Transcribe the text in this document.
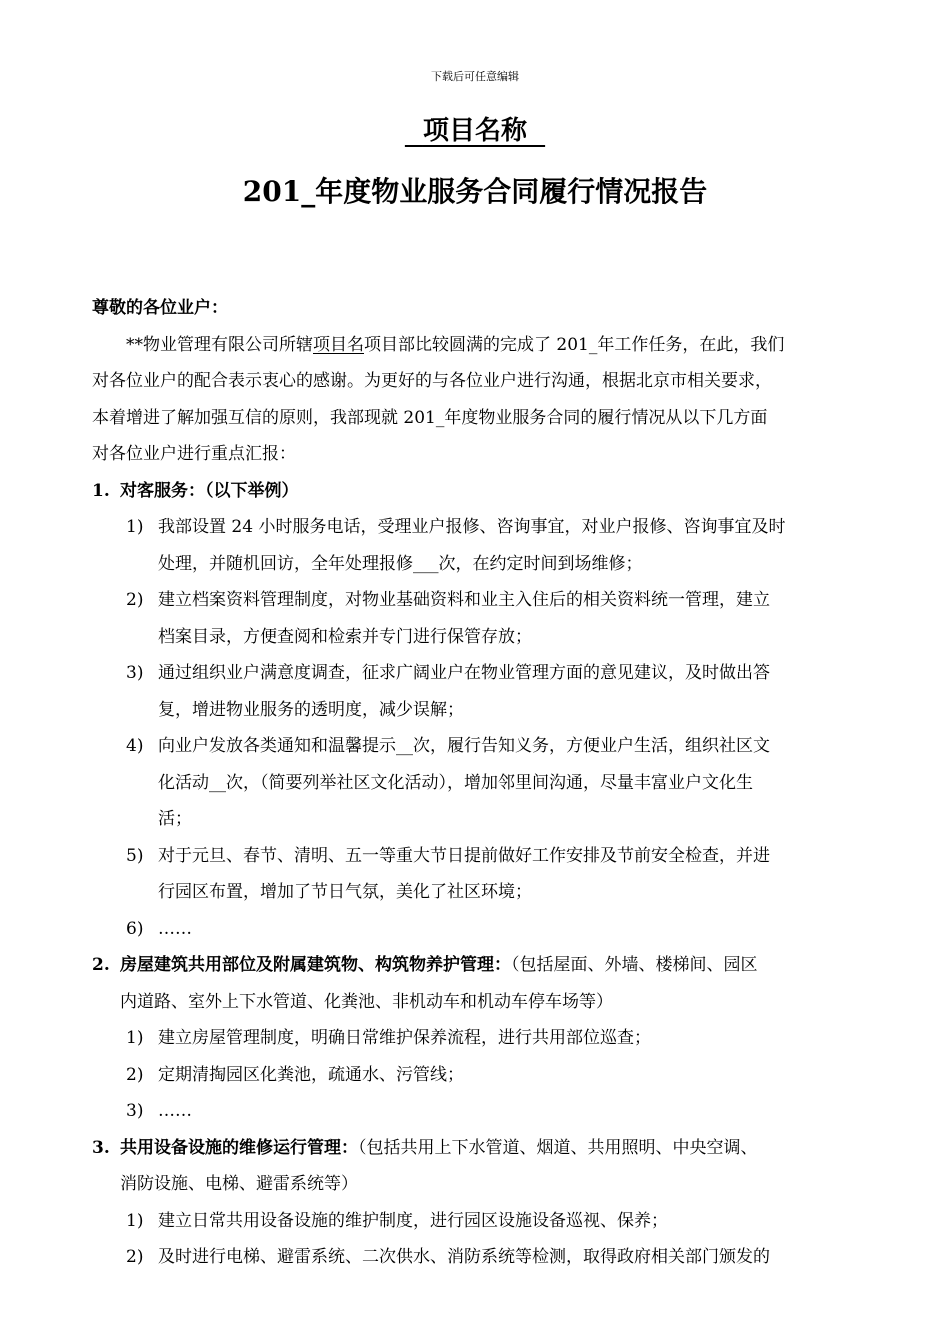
下载后可任意编辑
项目名称
201_年度物业服务合同履行情况报告
尊敬的各位业户：
**物业管理有限公司所辖项目名项目部比较圆满的完成了 201_年工作任务，在此，我们
对各位业户的配合表示衷心的感谢。为更好的与各位业户进行沟通，根据北京市相关要求，
本着增进了解加强互信的原则，我部现就 201_年度物业服务合同的履行情况从以下几方面
对各位业户进行重点汇报：
1. 对客服务：（以下举例）
1) 我部设置 24 小时服务电话，受理业户报修、咨询事宜，对业户报修、咨询事宜及时
处理，并随机回访，全年处理报修___次，在约定时间到场维修；
2) 建立档案资料管理制度，对物业基础资料和业主入住后的相关资料统一管理，建立
档案目录，方便查阅和检索并专门进行保管存放；
3) 通过组织业户满意度调查，征求广阔业户在物业管理方面的意见建议，及时做出答
复，增进物业服务的透明度，减少误解；
4) 向业户发放各类通知和温馨提示__次，履行告知义务，方便业户生活，组织社区文
化活动__次，（简要列举社区文化活动），增加邻里间沟通，尽量丰富业户文化生
活；
5) 对于元旦、春节、清明、五一等重大节日提前做好工作安排及节前安全检查，并进
行园区布置，增加了节日气氛，美化了社区环境；
6) ……
2. 房屋建筑共用部位及附属建筑物、构筑物养护管理：（包括屋面、外墙、楼梯间、园区
内道路、室外上下水管道、化粪池、非机动车和机动车停车场等）
1) 建立房屋管理制度，明确日常维护保养流程，进行共用部位巡查；
2) 定期清掏园区化粪池，疏通水、污管线；
3) ……
3. 共用设备设施的维修运行管理：（包括共用上下水管道、烟道、共用照明、中央空调、
消防设施、电梯、避雷系统等）
1) 建立日常共用设备设施的维护制度，进行园区设施设备巡视、保养；
2) 及时进行电梯、避雷系统、二次供水、消防系统等检测，取得政府相关部门颁发的
